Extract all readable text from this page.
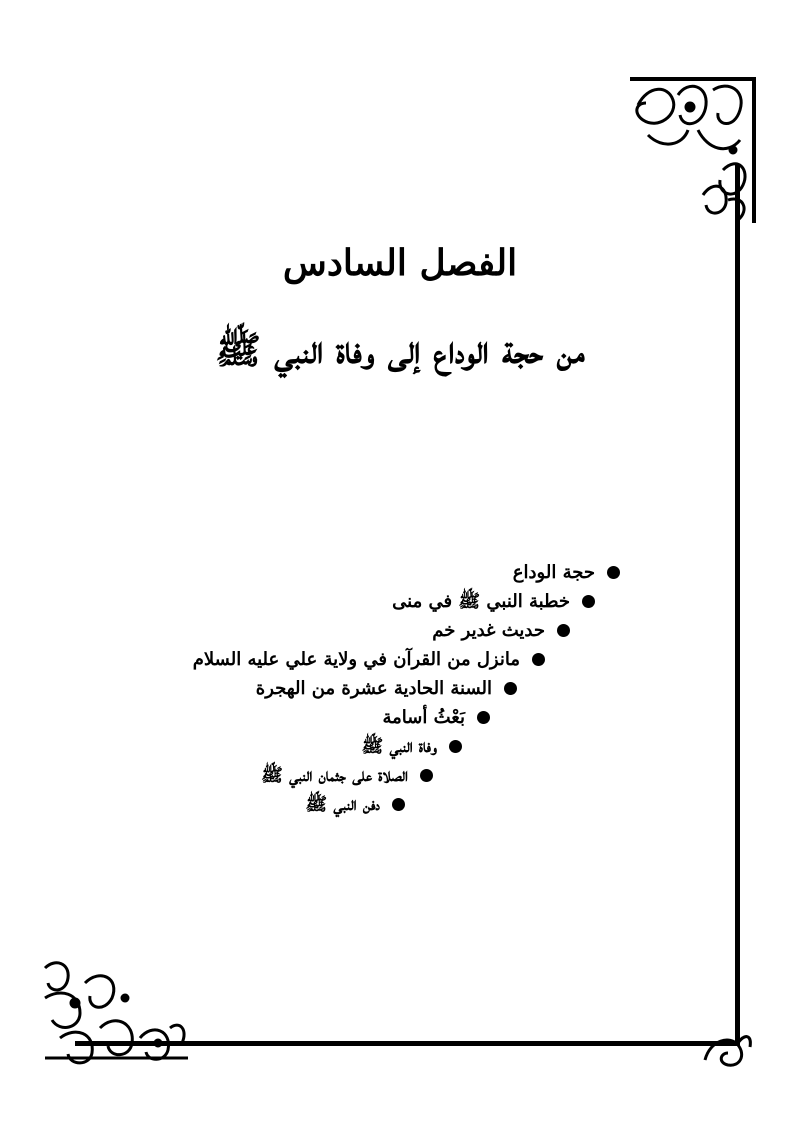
الفصل السادس
من حجة الوداع إلى وفاة النبي ﷺ
حجة الوداع
خطبة النبي ﷺ في منى
حديث غدير خم
مانزل من القرآن في ولاية علي عليه السلام
السنة الحادية عشرة من الهجرة
بَعْثُ أسامة
وفاة النبي ﷺ
الصلاة على جثمان النبي ﷺ
دفن النبي ﷺ
